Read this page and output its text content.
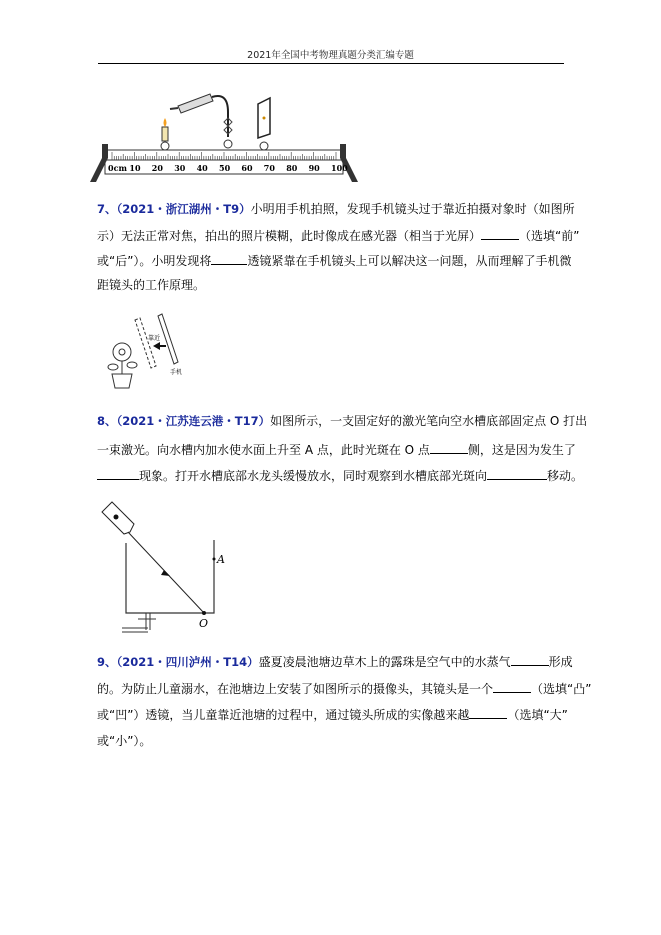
2021年全国中考物理真题分类汇编专题
0cm 10 20 30 40 50 60 70 80 90 100
7、（2021・浙江湖州・T9）小明用手机拍照，发现手机镜头过于靠近拍摄对象时（如图所
示）无法正常对焦，拍出的照片模糊，此时像成在感光器（相当于光屏）	（选填“前”
或“后”）。小明发现将	透镜紧靠在手机镜头上可以解决这一问题，从而理解了手机微
距镜头的工作原理。
靠近
手机
8、（2021・江苏连云港・T17）如图所示，一支固定好的激光笔向空水槽底部固定点 O 打出
一束激光。向水槽内加水使水面上升至 A 点，此时光斑在 O 点	侧，这是因为发生了
现象。打开水槽底部水龙头缓慢放水，同时观察到水槽底部光斑向	移动。
A
O
9、（2021・四川泸州・T14）盛夏凌晨池塘边草木上的露珠是空气中的水蒸气	形成
的。为防止儿童溺水，在池塘边上安装了如图所示的摄像头，其镜头是一个	（选填“凸”
或“凹”）透镜，当儿童靠近池塘的过程中，通过镜头所成的实像越来越	（选填“大”
或“小”）。
